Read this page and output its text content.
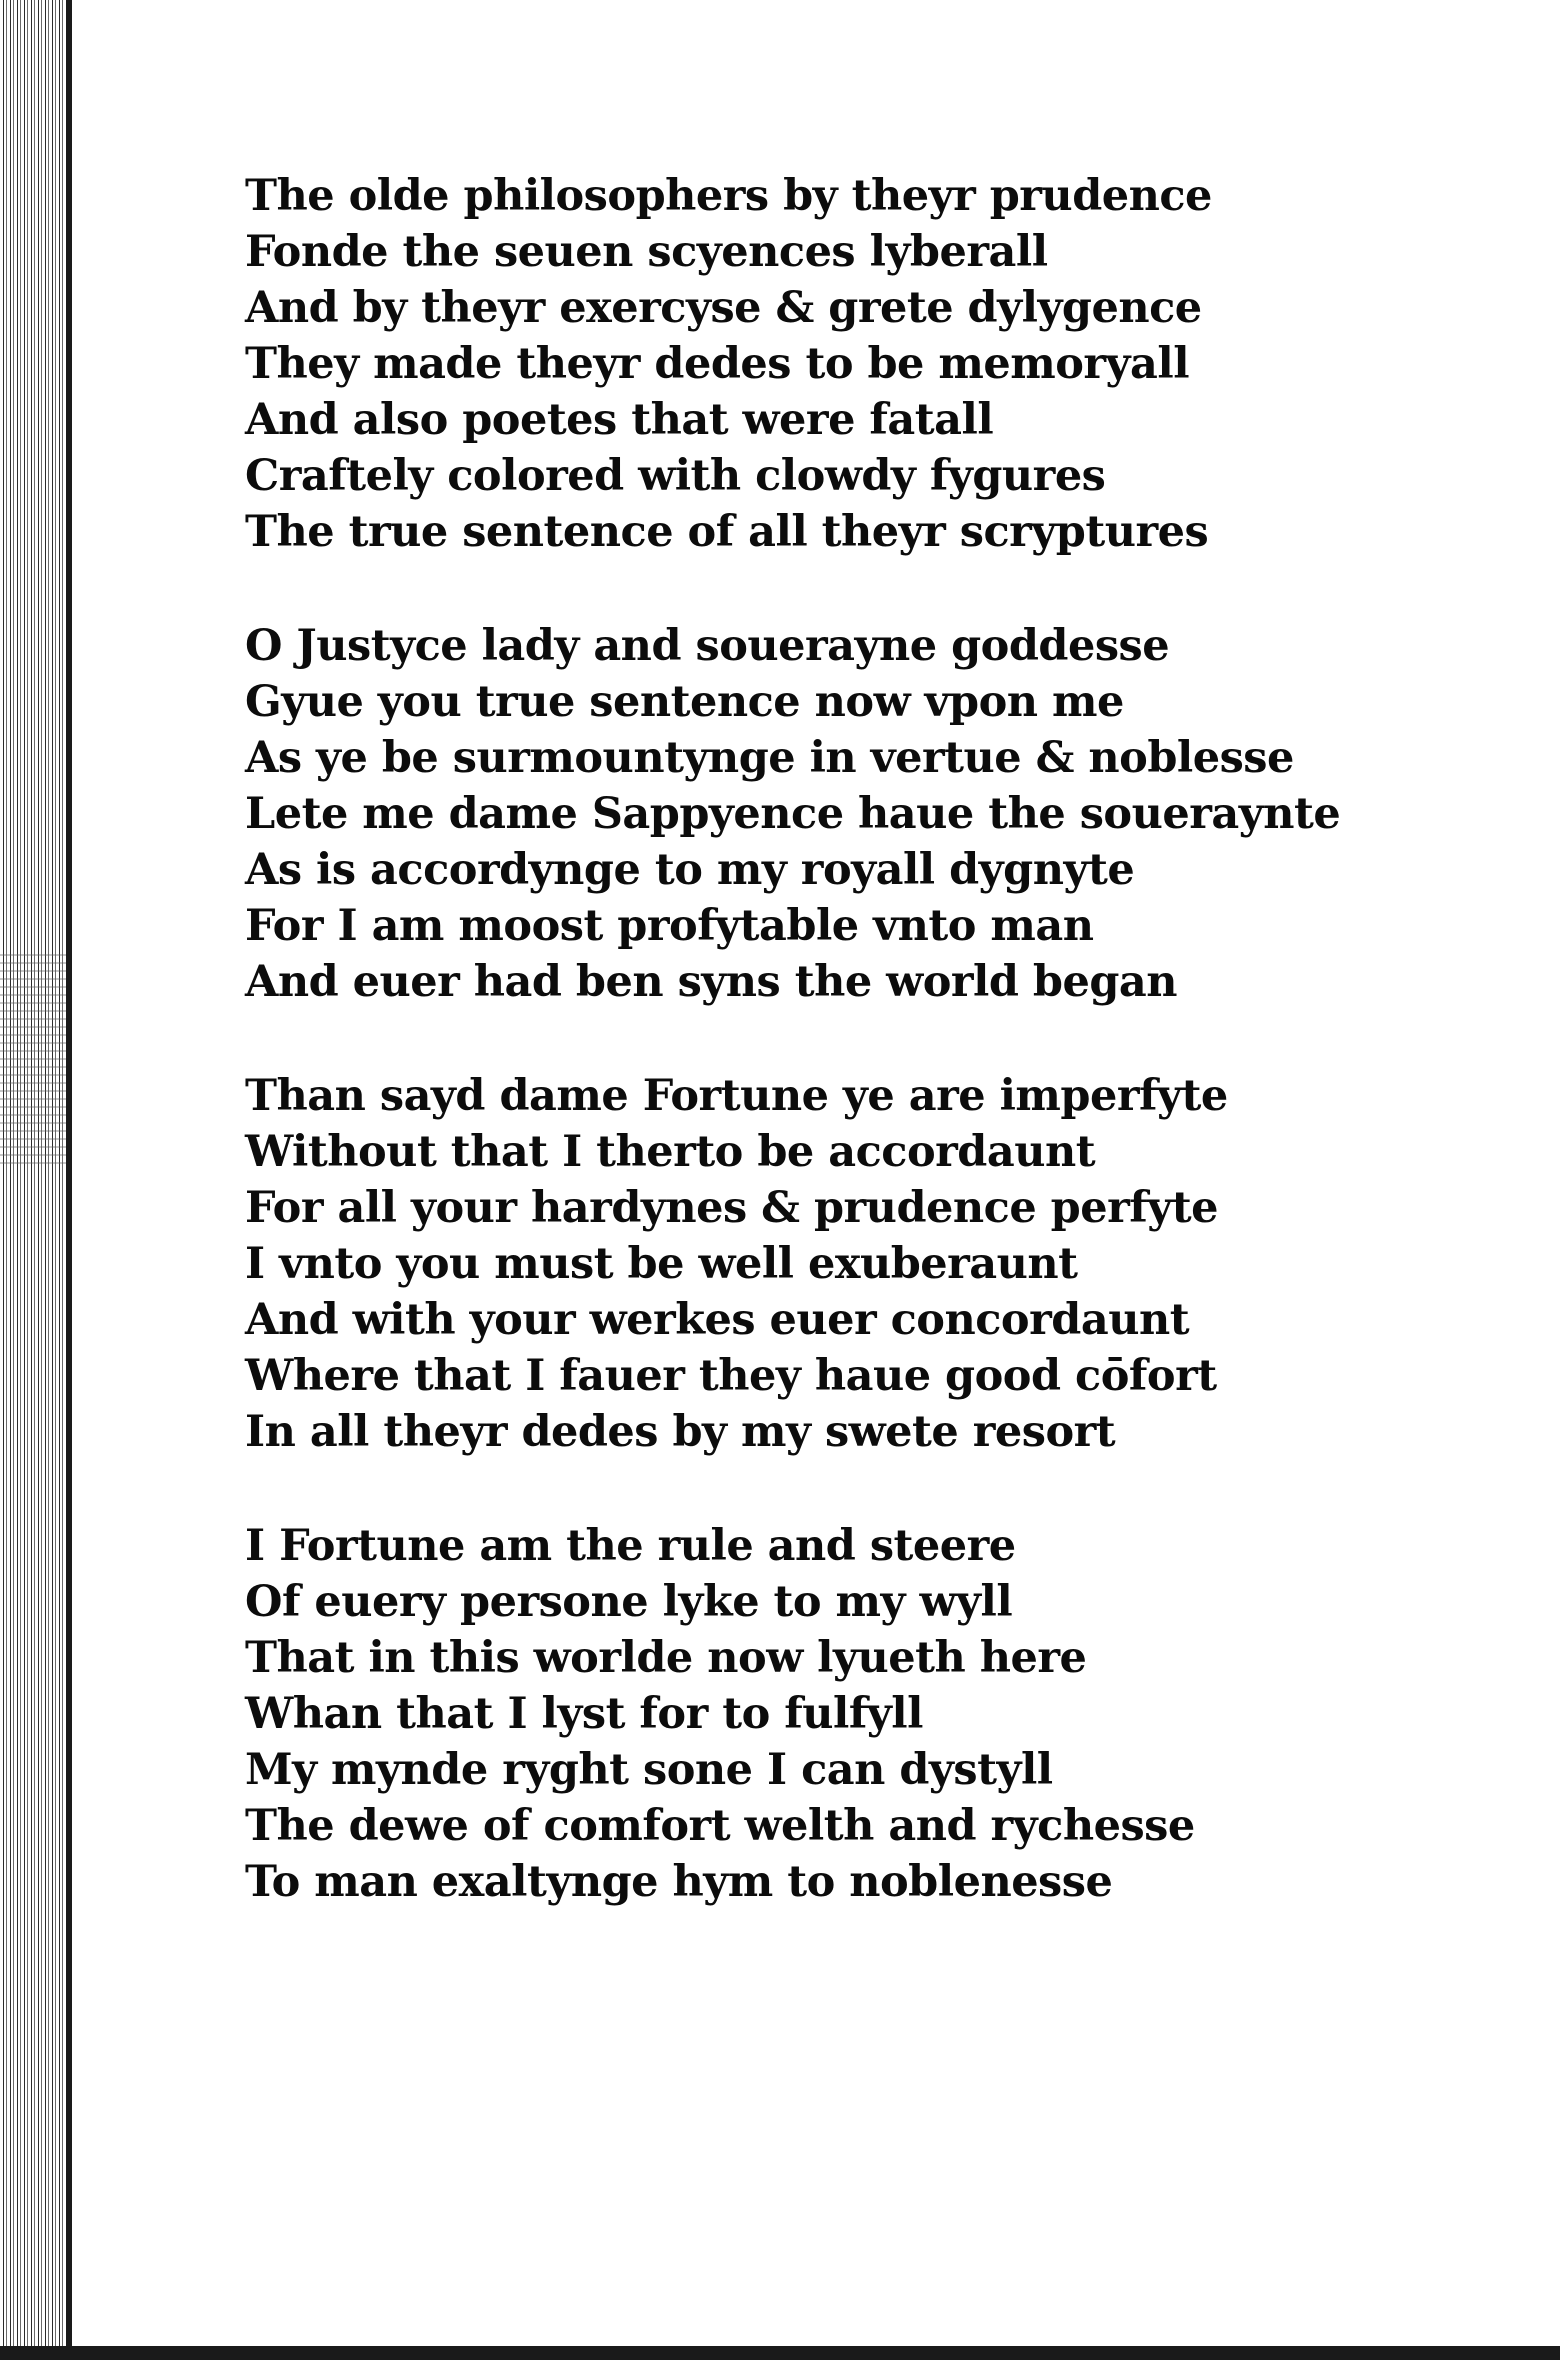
The olde philosophers by theyr prudence
Fonde the seuen scyences lyberall
And by theyr exercyse & grete dylygence
They made theyr dedes to be memoryall
And also poetes that were fatall
Craftely colored with clowdy fygures
The true sentence of all theyr scryptures
O Justyce lady and souerayne goddesse
Gyue you true sentence now vpon me
As ye be surmountynge in vertue & noblesse
Lete me dame Sappyence haue the souerayntе
As is accordynge to my royall dygnyte
For I am moost profytable vnto man
And euer had ben syns the world began
Than sayd dame Fortune ye are imperfyte
Without that I therto be accordaunt
For all your hardynes & prudence perfyte
I vnto you must be well exuberaunt
And with your werkes euer concordaunt
Where that I fauer they haue good cōfort
In all theyr dedes by my swete resort
I Fortune am the rule and steere
Of euery persone lyke to my wyll
That in this worlde now lyueth here
Whan that I lyst for to fulfyll
My mynde ryght sone I can dystyll
The dewe of comfort welth and rychesse
To man exaltynge hym to noblenesse
